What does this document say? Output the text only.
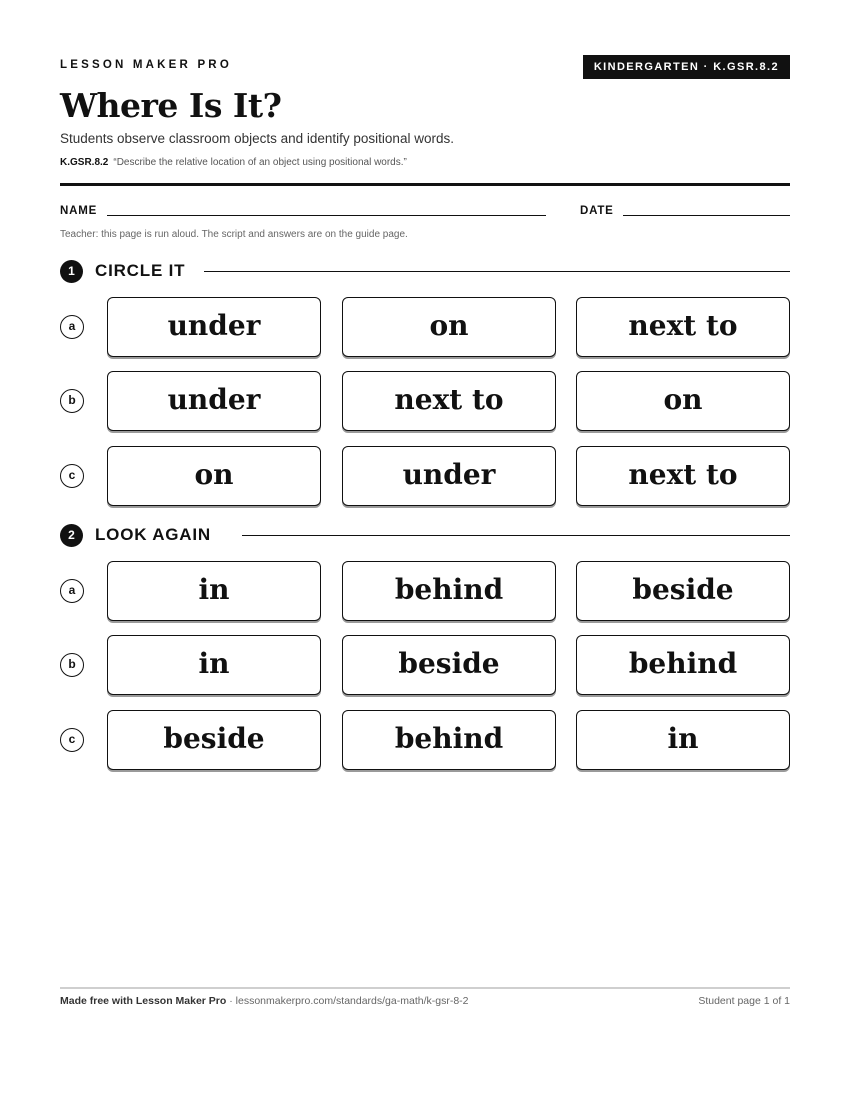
LESSON MAKER PRO	KINDERGARTEN · K.GSR.8.2
Where Is It?
Students observe classroom objects and identify positional words.
K.GSR.8.2 “Describe the relative location of an object using positional words.”
NAME	DATE
Teacher: this page is run aloud. The script and answers are on the guide page.
1	CIRCLE IT
a	under	on	next to
b	under	next to	on
c	on	under	next to
2	LOOK AGAIN
a	in	behind	beside
b	in	beside	behind
c	beside	behind	in
Made free with Lesson Maker Pro · lessonmakerpro.com/standards/ga-math/k-gsr-8-2	Student page 1 of 1
